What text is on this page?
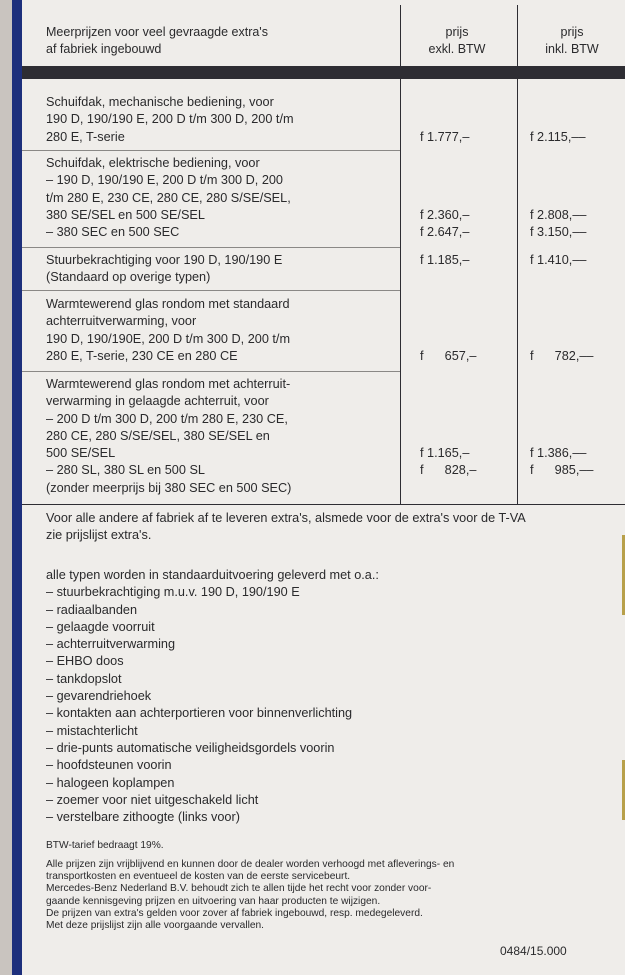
Meerprijzen voor veel gevraagde extra's
af fabriek ingebouwd
prijs
exkl. BTW
prijs
inkl. BTW
Schuifdak, mechanische bediening, voor
190 D, 190/190 E, 200 D t/m 300 D, 200 t/m
280 E, T-serie	f 1.777,–	f 2.115,––
Schuifdak, elektrische bediening, voor
– 190 D, 190/190 E, 200 D t/m 300 D, 200
t/m 280 E, 230 CE, 280 CE, 280 S/SE/SEL,
380 SE/SEL en 500 SE/SEL
– 380 SEC en 500 SEC
f 2.360,–	f 2.808,––
f 2.647,–	f 3.150,––
Stuurbekrachtiging voor 190 D, 190/190 E
(Standaard op overige typen)
f 1.185,–	f 1.410,––
Warmtewerend glas rondom met standaard
achterruitverwarming, voor
190 D, 190/190E, 200 D t/m 300 D, 200 t/m
280 E, T-serie, 230 CE en 280 CE	f      657,–	f      782,––
Warmtewerend glas rondom met achterruit-
verwarming in gelaagde achterruit, voor
– 200 D t/m 300 D, 200 t/m 280 E, 230 CE,
280 CE, 280 S/SE/SEL, 380 SE/SEL en
500 SE/SEL
– 280 SL, 380 SL en 500 SL
(zonder meerprijs bij 380 SEC en 500 SEC)
f 1.165,–	f 1.386,––
f      828,–	f      985,––
Voor alle andere af fabriek af te leveren extra's, alsmede voor de extra's voor de T-VA
zie prijslijst extra's.
alle typen worden in standaarduitvoering geleverd met o.a.:
– stuurbekrachtiging m.u.v. 190 D, 190/190 E
– radiaalbanden
– gelaagde voorruit
– achterruitverwarming
– EHBO doos
– tankdopslot
– gevarendriehoek
– kontakten aan achterportieren voor binnenverlichting
– mistachterlicht
– drie-punts automatische veiligheidsgordels voorin
– hoofdsteunen voorin
– halogeen koplampen
– zoemer voor niet uitgeschakeld licht
– verstelbare zithoogte (links voor)
BTW-tarief bedraagt 19%.
Alle prijzen zijn vrijblijvend en kunnen door de dealer worden verhoogd met afleverings- en
transportkosten en eventueel de kosten van de eerste servicebeurt.
Mercedes-Benz Nederland B.V. behoudt zich te allen tijde het recht voor zonder voor-
gaande kennisgeving prijzen en uitvoering van haar producten te wijzigen.
De prijzen van extra's gelden voor zover af fabriek ingebouwd, resp. medegeleverd.
Met deze prijslijst zijn alle voorgaande vervallen.
0484/15.000
